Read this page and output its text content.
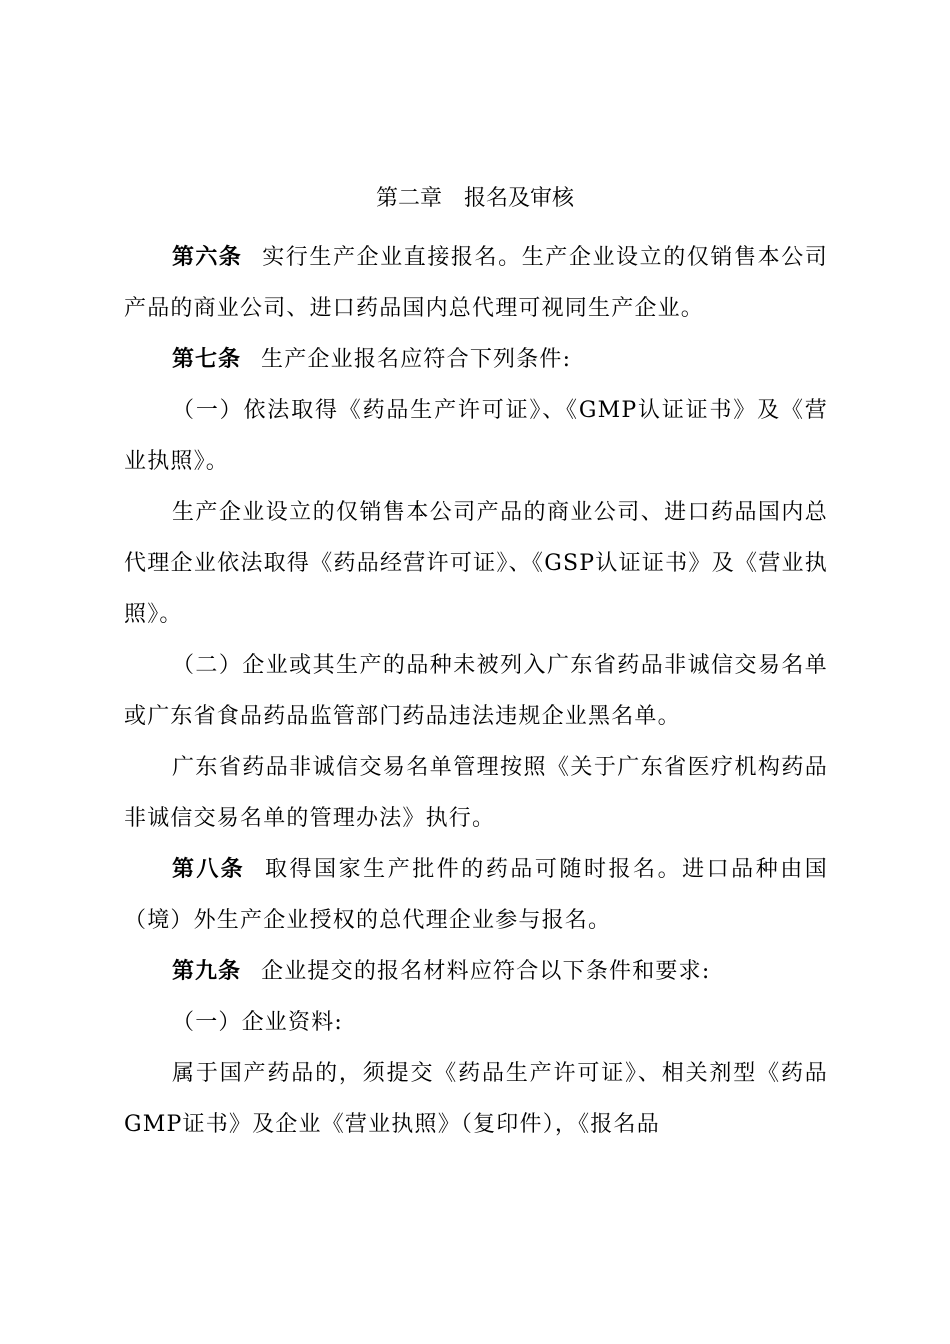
第二章　报名及审核

第六条 实行生产企业直接报名。生产企业设立的仅销售本公司产品的商业公司、进口药品国内总代理可视同生产企业。

第七条 生产企业报名应符合下列条件:

（一）依法取得《药品生产许可证》、《GMP认证证书》及《营业执照》。

生产企业设立的仅销售本公司产品的商业公司、进口药品国内总代理企业依法取得《药品经营许可证》、《GSP认证证书》及《营业执照》。

（二）企业或其生产的品种未被列入广东省药品非诚信交易名单或广东省食品药品监管部门药品违法违规企业黑名单。

广东省药品非诚信交易名单管理按照《关于广东省医疗机构药品非诚信交易名单的管理办法》执行。

第八条 取得国家生产批件的药品可随时报名。进口品种由国（境）外生产企业授权的总代理企业参与报名。

第九条 企业提交的报名材料应符合以下条件和要求:

（一）企业资料:

属于国产药品的，须提交《药品生产许可证》、相关剂型《药品GMP证书》及企业《营业执照》（复印件），《报名品
